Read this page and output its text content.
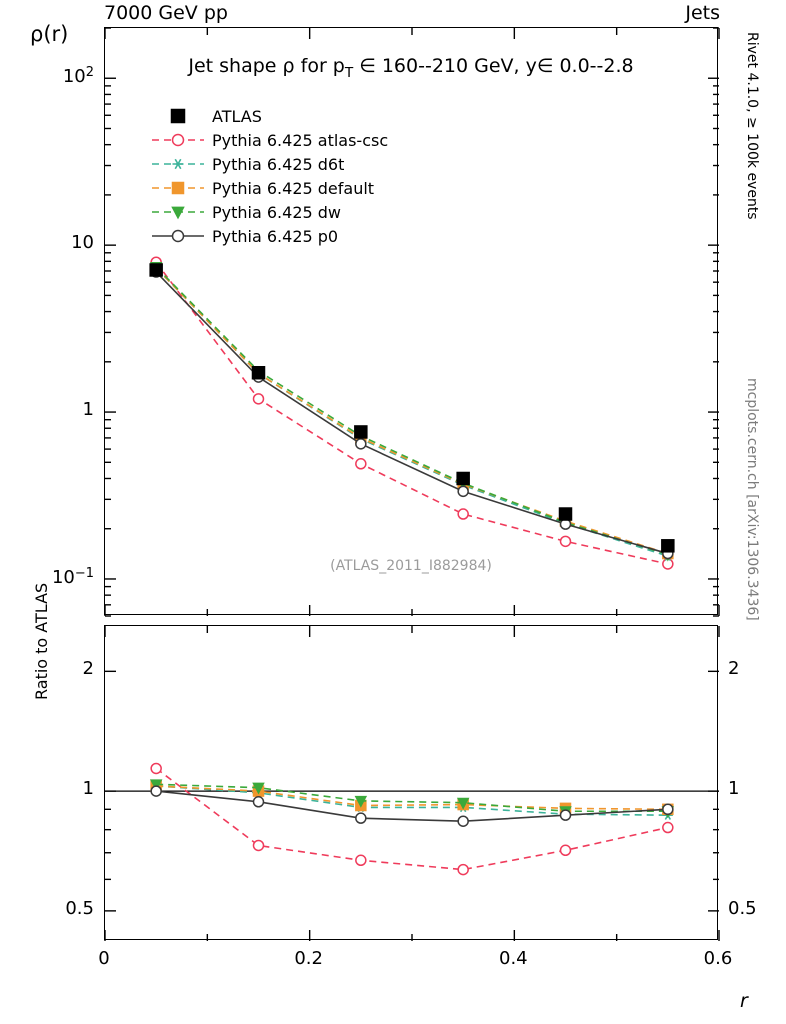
7000 GeV pp	Jets
Rivet 4.1.0, ≥ 100k events
mcplots.cern.ch [arXiv:1306.3436]
ρ(r)
Jet shape ρ for $p_T$ ∈ 160--210 GeV, y∈ 0.0--2.8
ATLAS
Pythia 6.425 atlas-csc
Pythia 6.425 d6t
Pythia 6.425 default
Pythia 6.425 dw
Pythia 6.425 p0
(ATLAS_2011_I882984)
Ratio to ATLAS
r
0	0.2	0.4	0.6
$10^2$
10
1
$10^{-1}$
2	2
1	1
0.5	0.5
